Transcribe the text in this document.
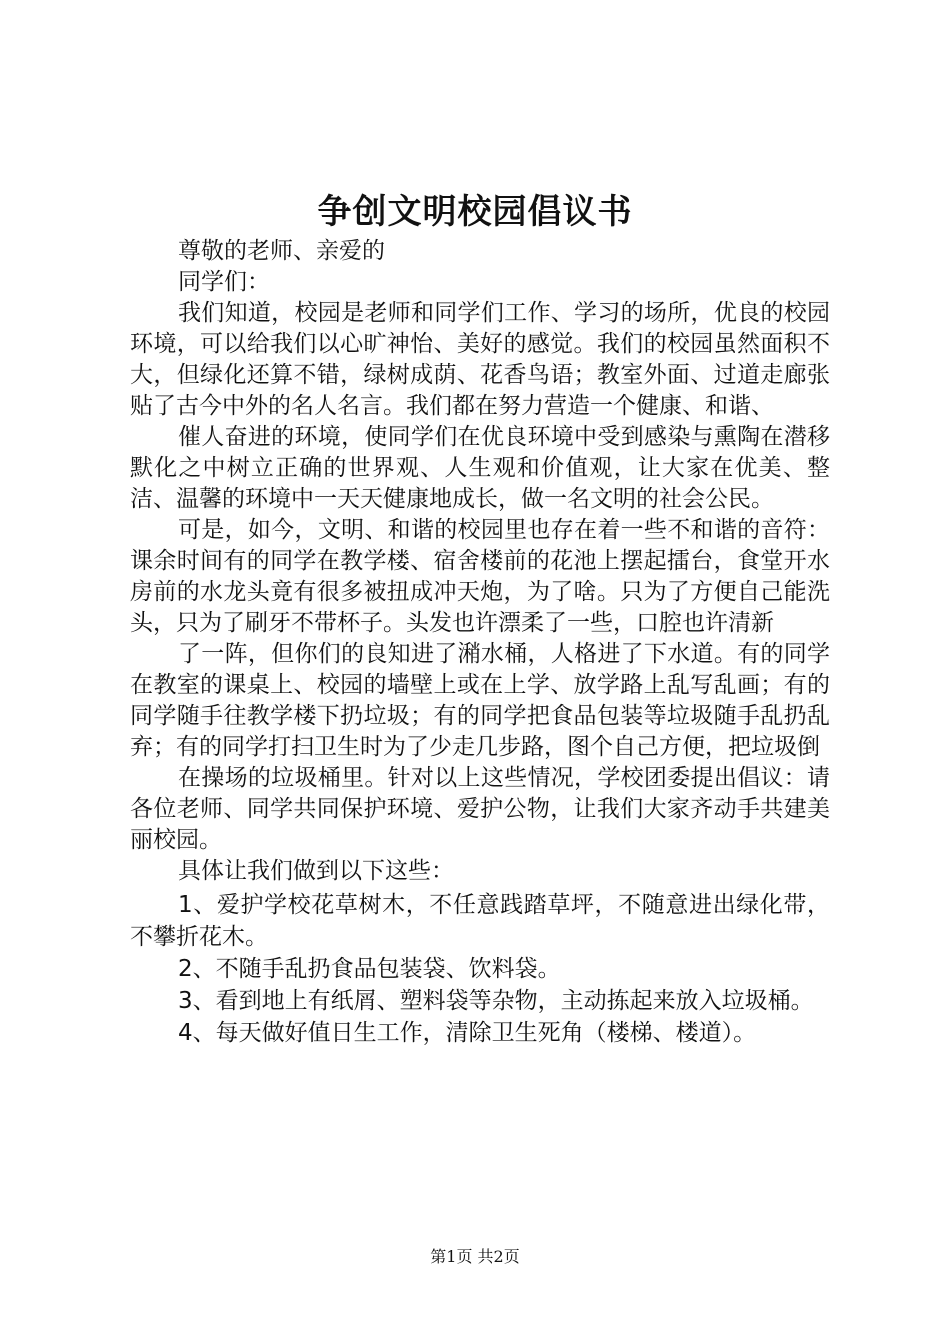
争创文明校园倡议书

尊敬的老师、亲爱的

同学们：

我们知道，校园是老师和同学们工作、学习的场所，优良的校园环境，可以给我们以心旷神怡、美好的感觉。我们的校园虽然面积不大，但绿化还算不错，绿树成荫、花香鸟语；教室外面、过道走廊张贴了古今中外的名人名言。我们都在努力营造一个健康、和谐、

催人奋进的环境，使同学们在优良环境中受到感染与熏陶在潜移默化之中树立正确的世界观、人生观和价值观，让大家在优美、整洁、温馨的环境中一天天健康地成长，做一名文明的社会公民。

可是，如今，文明、和谐的校园里也存在着一些不和谐的音符：课余时间有的同学在教学楼、宿舍楼前的花池上摆起擂台，食堂开水房前的水龙头竟有很多被扭成冲天炮，为了啥。只为了方便自己能洗头，只为了刷牙不带杯子。头发也许漂柔了一些，口腔也许清新

了一阵，但你们的良知进了潲水桶，人格进了下水道。有的同学在教室的课桌上、校园的墙壁上或在上学、放学路上乱写乱画；有的同学随手往教学楼下扔垃圾；有的同学把食品包装等垃圾随手乱扔乱弃；有的同学打扫卫生时为了少走几步路，图个自己方便，把垃圾倒

在操场的垃圾桶里。针对以上这些情况，学校团委提出倡议：请各位老师、同学共同保护环境、爱护公物，让我们大家齐动手共建美丽校园。

具体让我们做到以下这些：

1、爱护学校花草树木，不任意践踏草坪，不随意进出绿化带，不攀折花木。

2、不随手乱扔食品包装袋、饮料袋。

3、看到地上有纸屑、塑料袋等杂物，主动拣起来放入垃圾桶。

4、每天做好值日生工作，清除卫生死角（楼梯、楼道）。

第1页 共2页
